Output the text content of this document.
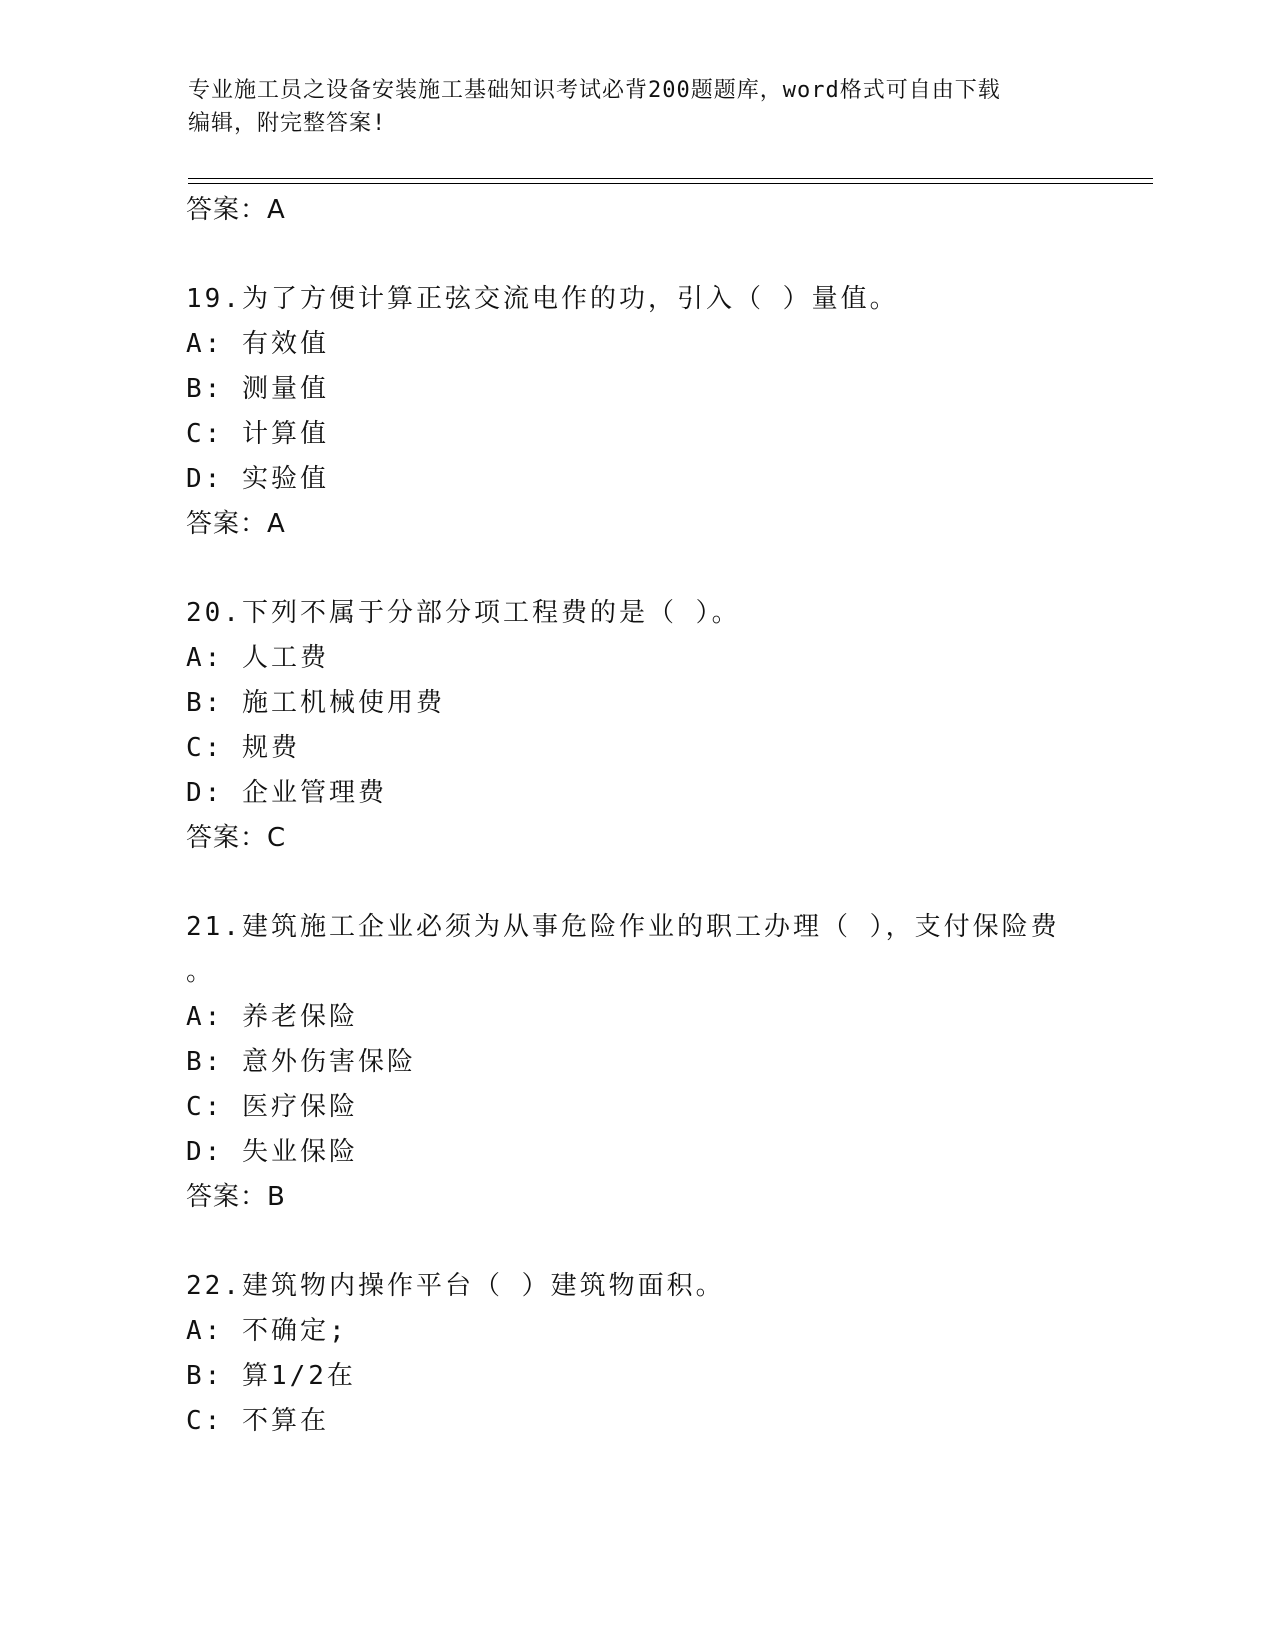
专业施工员之设备安装施工基础知识考试必背200题题库，word格式可自由下载
编辑，附完整答案!
答案：A
19.为了方便计算正弦交流电作的功，引入（ ）量值。
A: 有效值
B: 测量值
C: 计算值
D: 实验值
答案：A
20.下列不属于分部分项工程费的是（ ）。
A: 人工费
B: 施工机械使用费
C: 规费
D: 企业管理费
答案：C
21.建筑施工企业必须为从事危险作业的职工办理（ ），支付保险费
。
A: 养老保险
B: 意外伤害保险
C: 医疗保险
D: 失业保险
答案：B
22.建筑物内操作平台（ ）建筑物面积。
A: 不确定;
B: 算1/2在
C: 不算在
